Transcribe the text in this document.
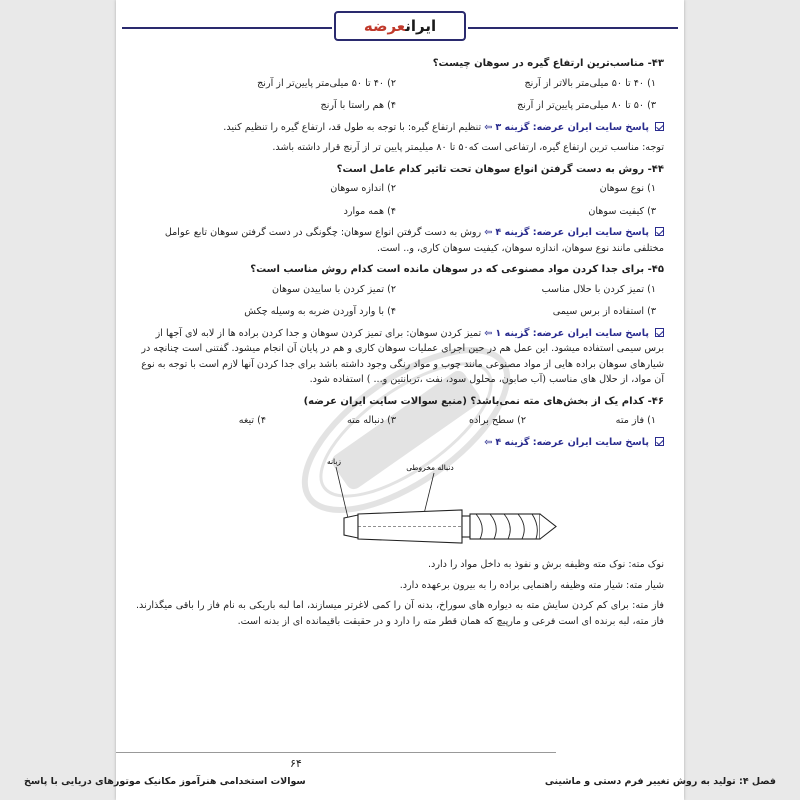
ایرانعرضه
۴۳- مناسب‌ترین ارتفاع گیره در سوهان چیست؟
۱) ۴۰ تا ۵۰ میلی‌متر بالاتر از آرنج
۲) ۴۰ تا ۵۰ میلی‌متر پایین‌تر از آرنج
۳) ۵۰ تا ۸۰ میلی‌متر پایین‌تر از آرنج
۴) هم راستا با آرنج
پاسخ سایت ایران عرضه: گزینه ۳ ⇦ تنظیم ارتفاع گیره: با توجه به طول قد، ارتفاع گیره را تنظیم کنید.
توجه: مناسب ترین ارتفاع گیره، ارتفاعی است که۵۰ تا ۸۰ میلیمتر پایین تر از آرنج قرار داشته باشد.
۴۴- روش به دست گرفتن انواع سوهان تحت تاثیر کدام عامل است؟
۱) نوع سوهان
۲) اندازه سوهان
۳) کیفیت سوهان
۴) همه موارد
پاسخ سایت ایران عرضه: گزینه ۴ ⇦ روش به دست گرفتن انواع سوهان: چگونگی در دست گرفتن سوهان تابع عوامل مختلفی مانند نوع سوهان، اندازه سوهان، کیفیت سوهان کاری، و.. است.
۴۵- برای جدا کردن مواد مصنوعی که در سوهان مانده است کدام روش مناسب است؟
۱) تمیز کردن با حلال مناسب
۲) تمیز کردن با ساییدن سوهان
۳) استفاده از برس سیمی
۴) با وارد آوردن ضربه به وسیله چکش
پاسخ سایت ایران عرضه: گزینه ۱ ⇦ تمیز کردن سوهان: برای تمیز کردن سوهان و جدا کردن براده ها از لابه لای آجها از برس سیمی استفاده میشود. این عمل هم در حین اجرای عملیات سوهان کاری و هم در پایان آن انجام میشود. گفتنی است چنانچه در شیارهای سوهان براده هایی از مواد مصنوعی مانند چوب و مواد رنگی وجود داشته باشد برای جدا کردن آنها لازم است با توجه به نوع آن مواد، از حلال های مناسب (آب صابون، محلول سود، نفت ،تربانتین و... ) استفاده شود.
۴۶- کدام یک از بخش‌های مته نمی‌باشد؟ (منبع سوالات سایت ایران عرضه)
۱) فاز مته
۲) سطح براده
۳) دنباله مته
۴) تیغه
پاسخ سایت ایران عرضه: گزینه ۴ ⇦
دنباله مخروطی
زبانه
نوک مته: نوک مته وظیفه برش و نفوذ به داخل مواد را دارد.
شیار مته: شیار مته وظیفه راهنمایی براده را به بیرون برعهده دارد.
فاز مته: برای کم کردن سایش مته به دیواره های سوراخ، بدنه آن را کمی لاغرتر میسازند، اما لبه باریکی به نام فاز را باقی میگذارند. فاز مته، لبه برنده ای است فرعی و مارپیچ که همان قطر مته را دارد و در حقیقت باقیمانده ای از بدنه است.
۶۴
فصل ۴: تولید به روش تغییر فرم دستی و ماشینی
سوالات استخدامی هنرآموز مکانیک موتورهای دریایی با پاسخ
